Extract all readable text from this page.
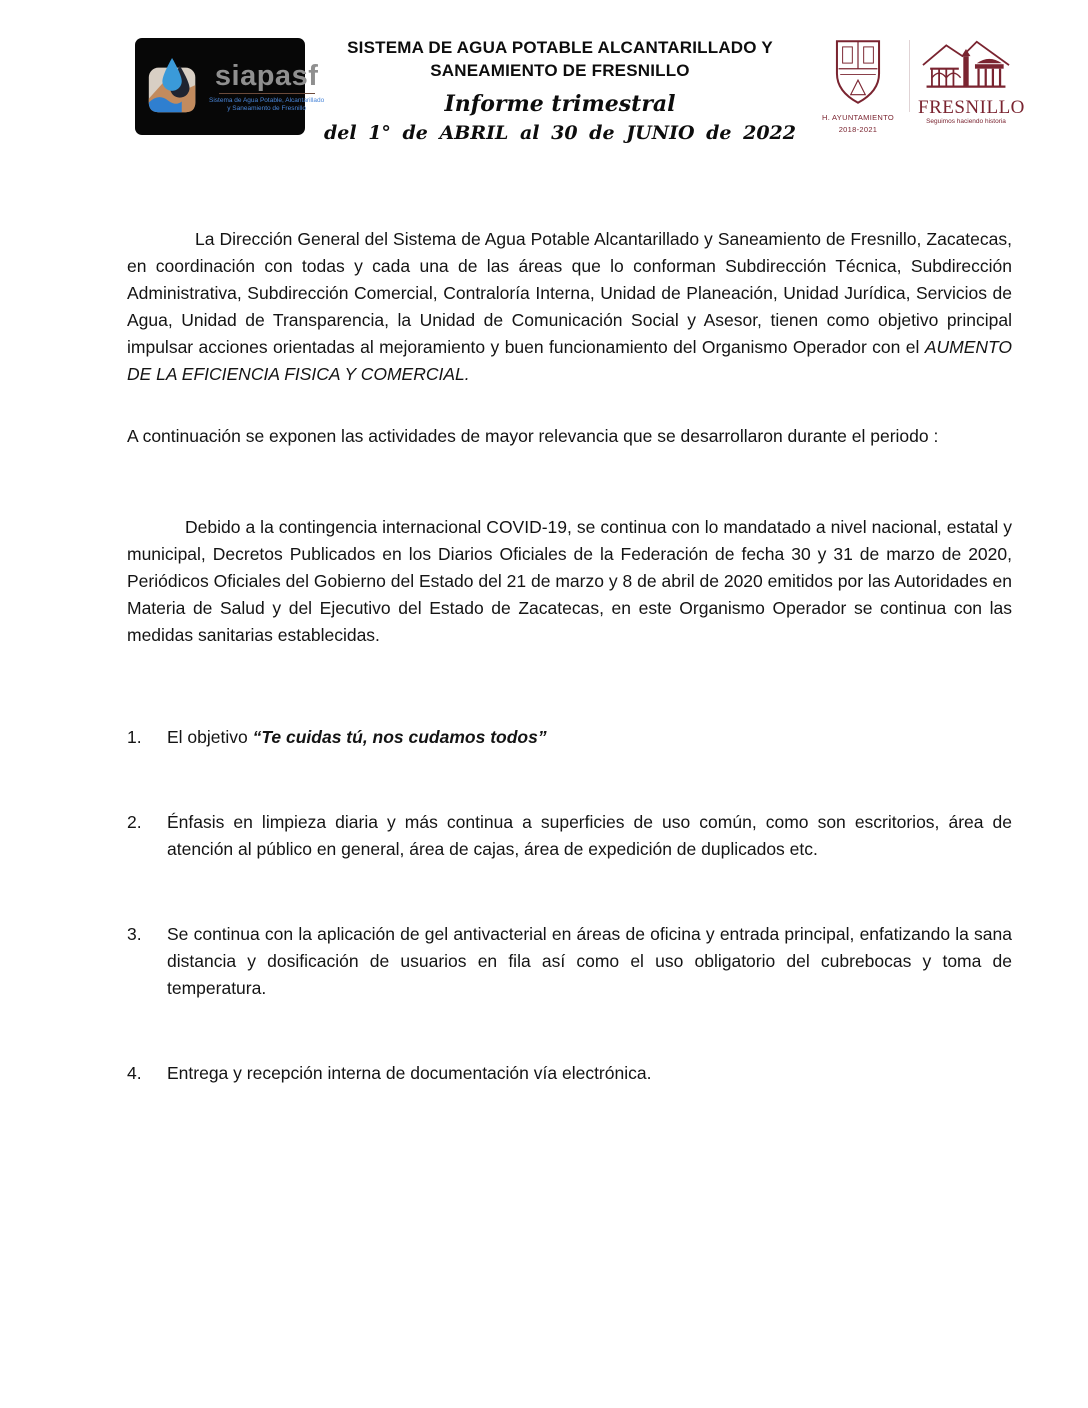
siapasf
Sistema de Agua Potable, Alcantarillado
y Saneamiento de Fresnillo
SISTEMA DE AGUA POTABLE ALCANTARILLADO Y
SANEAMIENTO DE FRESNILLO
Informe trimestral
del 1° de ABRIL al 30 de JUNIO de 2022
H. AYUNTAMIENTO
2018-2021
FRESNILLO
Seguimos haciendo historia

La Dirección General del Sistema de Agua Potable Alcantarillado y Saneamiento de Fresnillo, Zacatecas, en coordinación con todas y cada una de las áreas que lo conforman Subdirección Técnica, Subdirección Administrativa, Subdirección Comercial, Contraloría Interna, Unidad de Planeación, Unidad Jurídica, Servicios de Agua, Unidad de Transparencia, la Unidad de Comunicación Social y Asesor, tienen como objetivo principal impulsar acciones orientadas al mejoramiento y buen funcionamiento del Organismo Operador con el AUMENTO DE LA EFICIENCIA FISICA Y COMERCIAL.

A continuación se exponen las actividades de mayor relevancia que se desarrollaron durante el periodo :

Debido a la contingencia internacional COVID-19, se continua con lo mandatado a nivel nacional, estatal y municipal, Decretos Publicados en los Diarios Oficiales de la Federación de fecha 30 y 31 de marzo de 2020, Periódicos Oficiales del Gobierno del Estado del 21 de marzo y 8 de abril de 2020 emitidos por las Autoridades en Materia de Salud y del Ejecutivo del Estado de Zacatecas, en este Organismo Operador se continua con las medidas sanitarias establecidas.

1. El objetivo “Te cuidas tú, nos cudamos todos”
2. Énfasis en limpieza diaria y más continua a superficies de uso común, como son escritorios, área de atención al público en general, área de cajas, área de expedición de duplicados etc.
3. Se continua con la aplicación de gel antivacterial en áreas de oficina y entrada principal, enfatizando la sana distancia y dosificación de usuarios en fila así como el uso obligatorio del cubrebocas y toma de temperatura.
4. Entrega y recepción interna de documentación vía electrónica.
